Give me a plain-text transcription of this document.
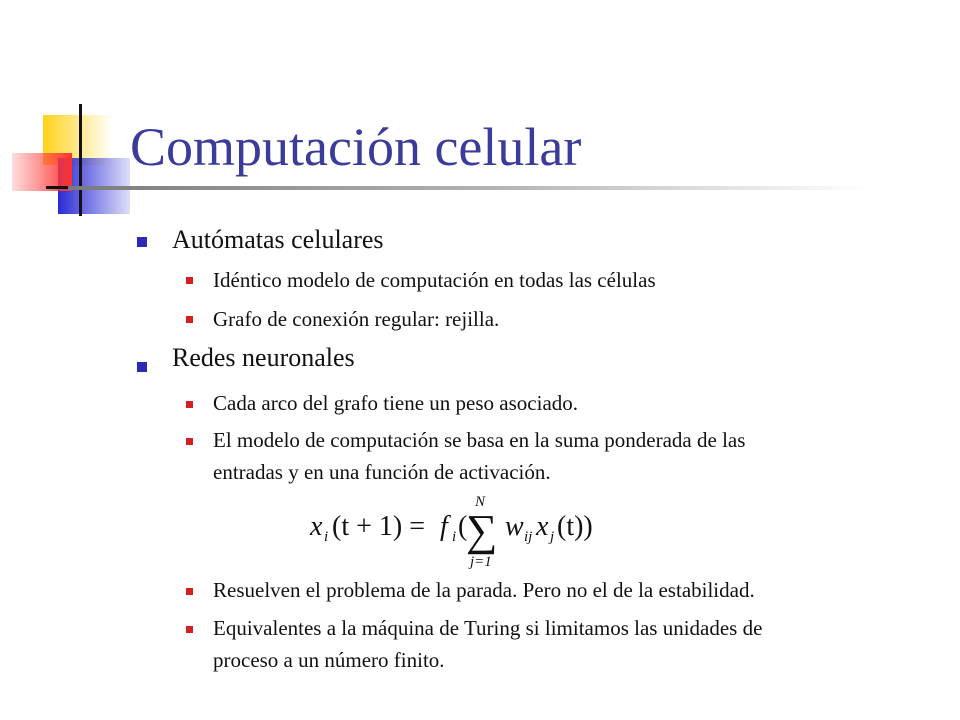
Computación celular
Autómatas celulares
Idéntico modelo de computación en todas las células
Grafo de conexión regular: rejilla.
Redes neuronales
Cada arco del grafo tiene un peso asociado.
El modelo de computación se basa en la suma ponderada de las
entradas y en una función de activación.
x i (t + 1) = f i (
N
∑
j=1
w ij x j (t))
Resuelven el problema de la parada. Pero no el de la estabilidad.
Equivalentes a la máquina de Turing si limitamos las unidades de
proceso a un número finito.
